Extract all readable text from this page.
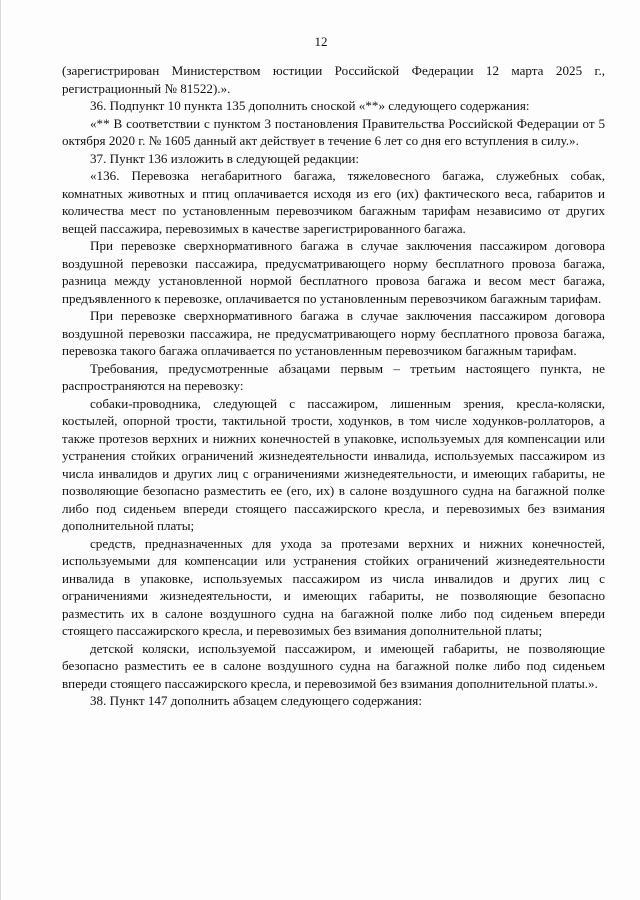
12

(зарегистрирован Министерством юстиции Российской Федерации 12 марта 2025 г., регистрационный № 81522).».

36. Подпункт 10 пункта 135 дополнить сноской «**» следующего содержания:

«** В соответствии с пунктом 3 постановления Правительства Российской Федерации от 5 октября 2020 г. № 1605 данный акт действует в течение 6 лет со дня его вступления в силу.».

37. Пункт 136 изложить в следующей редакции:

«136. Перевозка негабаритного багажа, тяжеловесного багажа, служебных собак, комнатных животных и птиц оплачивается исходя из его (их) фактического веса, габаритов и количества мест по установленным перевозчиком багажным тарифам независимо от других вещей пассажира, перевозимых в качестве зарегистрированного багажа.

При перевозке сверхнормативного багажа в случае заключения пассажиром договора воздушной перевозки пассажира, предусматривающего норму бесплатного провоза багажа, разница между установленной нормой бесплатного провоза багажа и весом мест багажа, предъявленного к перевозке, оплачивается по установленным перевозчиком багажным тарифам.

При перевозке сверхнормативного багажа в случае заключения пассажиром договора воздушной перевозки пассажира, не предусматривающего норму бесплатного провоза багажа, перевозка такого багажа оплачивается по установленным перевозчиком багажным тарифам.

Требования, предусмотренные абзацами первым – третьим настоящего пункта, не распространяются на перевозку:

собаки-проводника, следующей с пассажиром, лишенным зрения, кресла-коляски, костылей, опорной трости, тактильной трости, ходунков, в том числе ходунков-роллаторов, а также протезов верхних и нижних конечностей в упаковке, используемых для компенсации или устранения стойких ограничений жизнедеятельности инвалида, используемых пассажиром из числа инвалидов и других лиц с ограничениями жизнедеятельности, и имеющих габариты, не позволяющие безопасно разместить ее (его, их) в салоне воздушного судна на багажной полке либо под сиденьем впереди стоящего пассажирского кресла, и перевозимых без взимания дополнительной платы;

средств, предназначенных для ухода за протезами верхних и нижних конечностей, используемыми для компенсации или устранения стойких ограничений жизнедеятельности инвалида в упаковке, используемых пассажиром из числа инвалидов и других лиц с ограничениями жизнедеятельности, и имеющих габариты, не позволяющие безопасно разместить их в салоне воздушного судна на багажной полке либо под сиденьем впереди стоящего пассажирского кресла, и перевозимых без взимания дополнительной платы;

детской коляски, используемой пассажиром, и имеющей габариты, не позволяющие безопасно разместить ее в салоне воздушного судна на багажной полке либо под сиденьем впереди стоящего пассажирского кресла, и перевозимой без взимания дополнительной платы.».

38. Пункт 147 дополнить абзацем следующего содержания:
